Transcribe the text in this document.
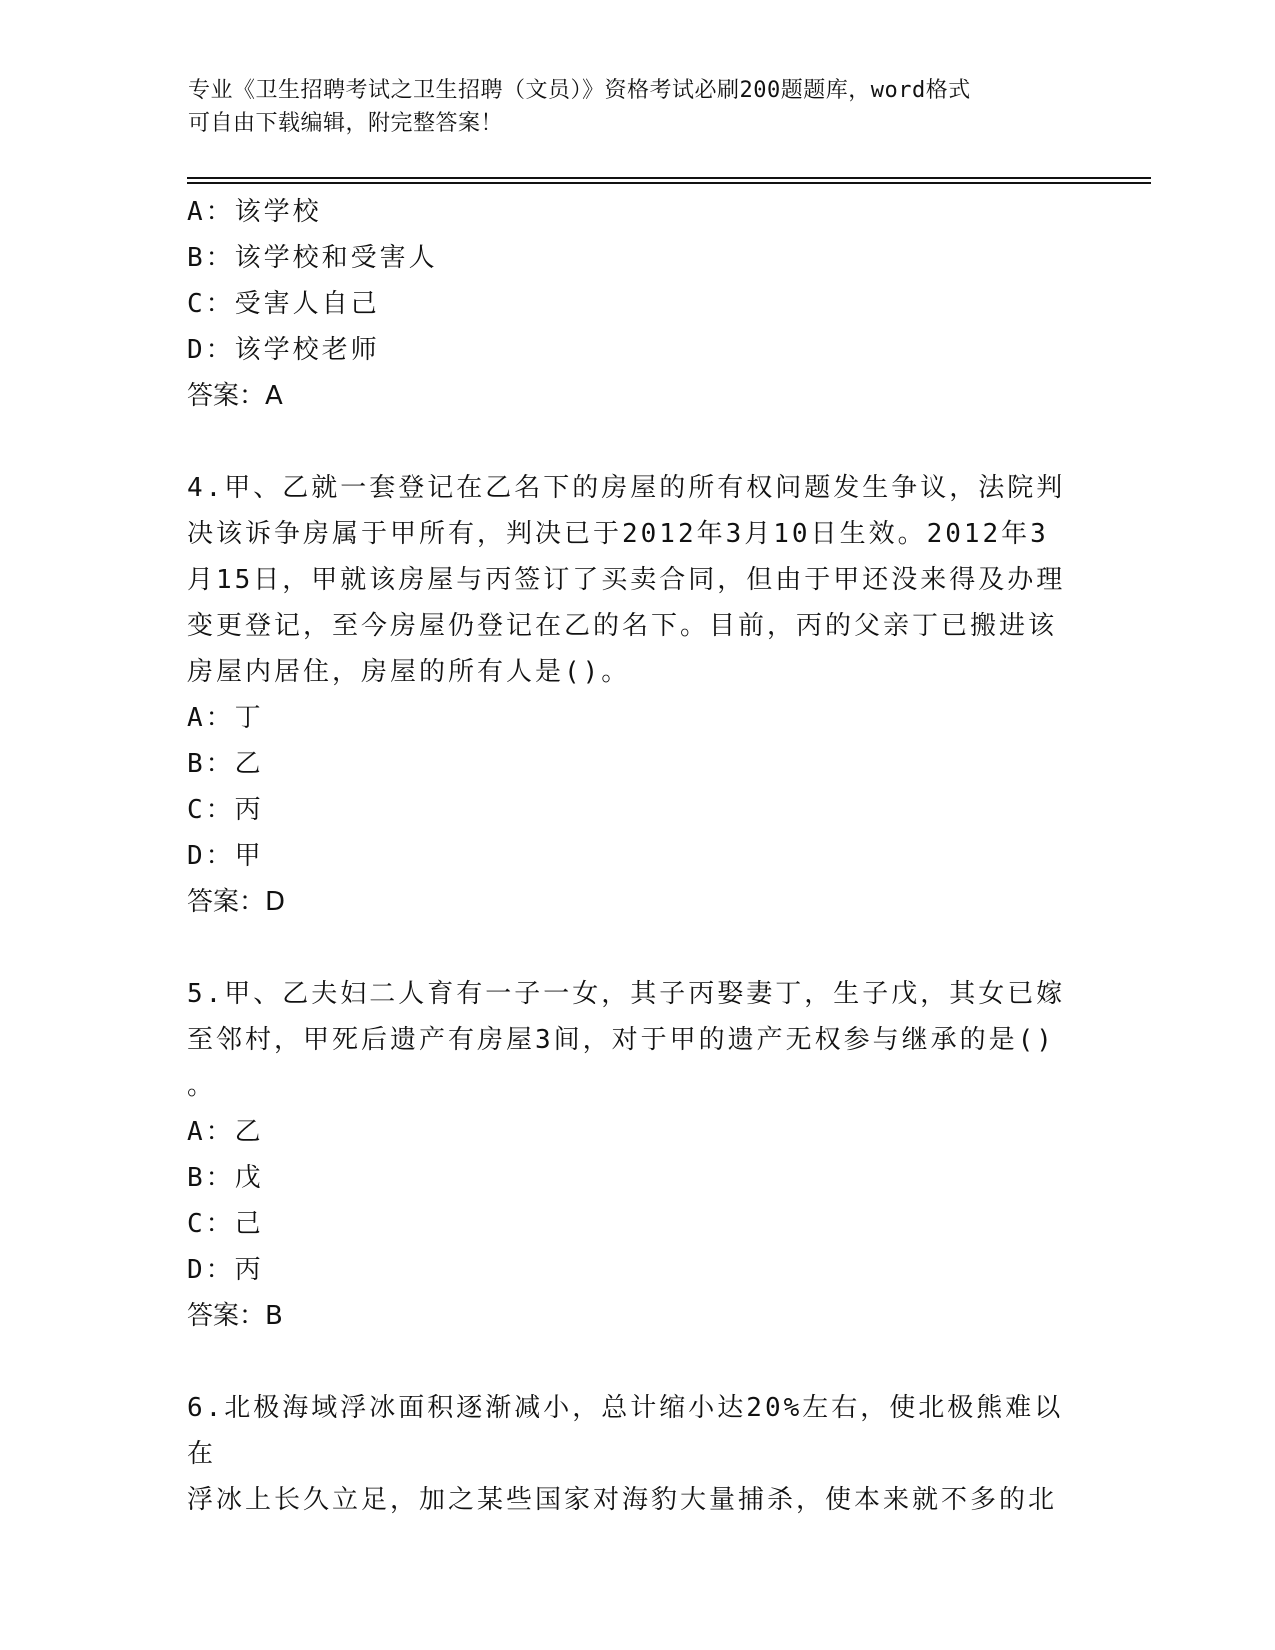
专业《卫生招聘考试之卫生招聘（文员）》资格考试必刷200题题库，word格式
可自由下载编辑，附完整答案！
A：该学校
B：该学校和受害人
C：受害人自己
D：该学校老师
答案：A
4.甲、乙就一套登记在乙名下的房屋的所有权问题发生争议，法院判
决该诉争房属于甲所有，判决已于2012年3月10日生效。2012年3
月15日，甲就该房屋与丙签订了买卖合同，但由于甲还没来得及办理
变更登记，至今房屋仍登记在乙的名下。目前，丙的父亲丁已搬进该
房屋内居住，房屋的所有人是()。
A：丁
B：乙
C：丙
D：甲
答案：D
5.甲、乙夫妇二人育有一子一女，其子丙娶妻丁，生子戊，其女已嫁
至邻村，甲死后遗产有房屋3间，对于甲的遗产无权参与继承的是()
。
A：乙
B：戊
C：己
D：丙
答案：B
6.北极海域浮冰面积逐渐减小，总计缩小达20%左右，使北极熊难以在
浮冰上长久立足，加之某些国家对海豹大量捕杀，使本来就不多的北
